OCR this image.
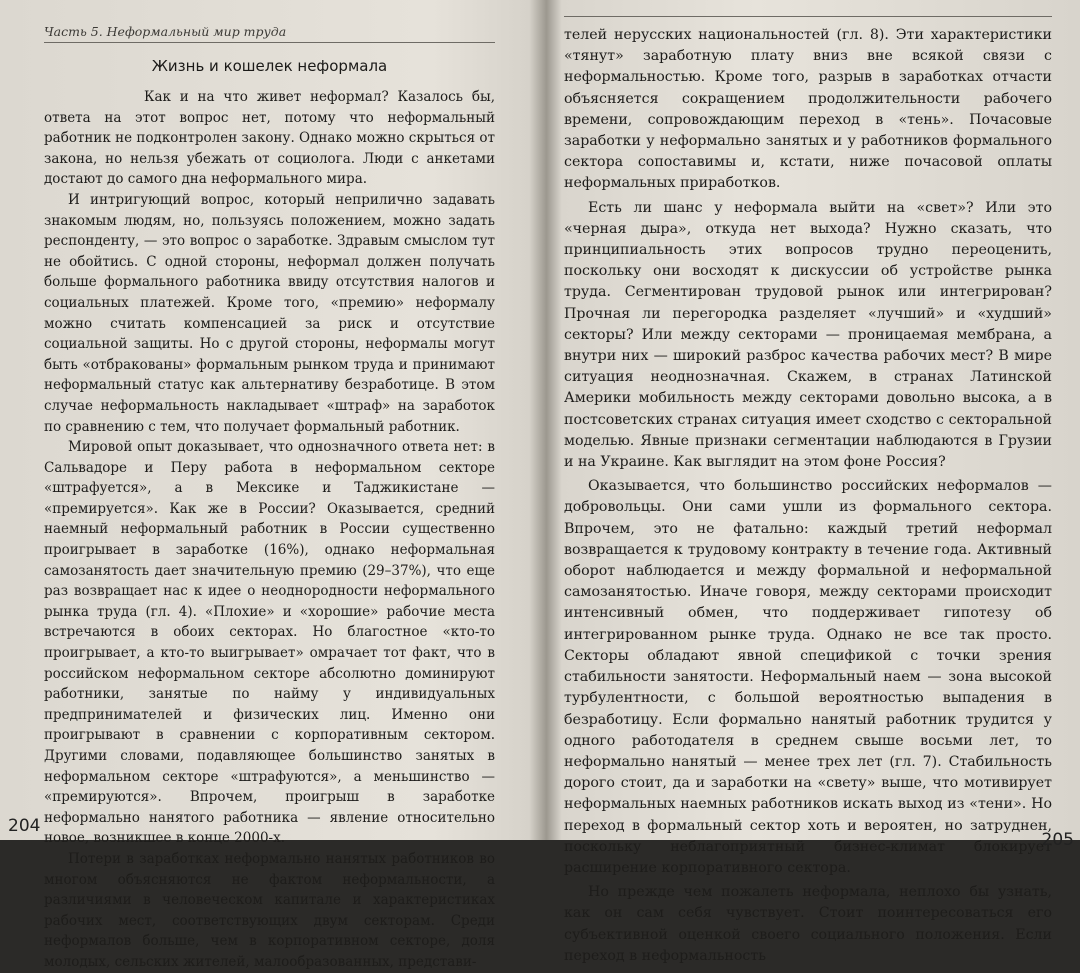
Часть 5. Неформальный мир труда
Жизнь и кошелек неформала

Как и на что живет неформал? Казалось бы, ответа на этот вопрос нет, потому что неформальный работник не подконтролен закону. Однако можно скрыться от закона, но нельзя убежать от социолога. Люди с анкетами достают до самого дна неформального мира.

И интригующий вопрос, который неприлично задавать знакомым людям, но, пользуясь положением, можно задать респонденту, — это вопрос о заработке. Здравым смыслом тут не обойтись. С одной стороны, неформал должен получать больше формального работника ввиду отсутствия налогов и социальных платежей. Кроме того, «премию» неформалу можно считать компенсацией за риск и отсутствие социальной защиты. Но с другой стороны, неформалы могут быть «отбракованы» формальным рынком труда и принимают неформальный статус как альтернативу безработице. В этом случае неформальность накладывает «штраф» на заработок по сравнению с тем, что получает формальный работник.

Мировой опыт доказывает, что однозначного ответа нет: в Сальвадоре и Перу работа в неформальном секторе «штрафуется», а в Мексике и Таджикистане — «премируется». Как же в России? Оказывается, средний наемный неформальный работник в России существенно проигрывает в заработке (16%), однако неформальная самозанятость дает значительную премию (29–37%), что еще раз возвращает нас к идее о неоднородности неформального рынка труда (гл. 4). «Плохие» и «хорошие» рабочие места встречаются в обоих секторах. Но благостное «кто-то проигрывает, а кто-то выигрывает» омрачает тот факт, что в российском неформальном секторе абсолютно доминируют работники, занятые по найму у индивидуальных предпринимателей и физических лиц. Именно они проигрывают в сравнении с корпоративным сектором. Другими словами, подавляющее большинство занятых в неформальном секторе «штрафуются», а меньшинство — «премируются». Впрочем, проигрыш в заработке неформально нанятого работника — явление относительно новое, возникшее в конце 2000-х.

Потери в заработках неформально нанятых работников во многом объясняются не фактом неформальности, а различиями в человеческом капитале и характеристиках рабочих мест, соответствующих двум секторам. Среди неформалов больше, чем в корпоративном секторе, доля молодых, сельских жителей, малообразованных, представи-

204

телей нерусских национальностей (гл. 8). Эти характеристики «тянут» заработную плату вниз вне всякой связи с неформальностью. Кроме того, разрыв в заработках отчасти объясняется сокращением продолжительности рабочего времени, сопровождающим переход в «тень». Почасовые заработки у неформально занятых и у работников формального сектора сопоставимы и, кстати, ниже почасовой оплаты неформальных приработков.

Есть ли шанс у неформала выйти на «свет»? Или это «черная дыра», откуда нет выхода? Нужно сказать, что принципиальность этих вопросов трудно переоценить, поскольку они восходят к дискуссии об устройстве рынка труда. Сегментирован трудовой рынок или интегрирован? Прочная ли перегородка разделяет «лучший» и «худший» секторы? Или между секторами — проницаемая мембрана, а внутри них — широкий разброс качества рабочих мест? В мире ситуация неоднозначная. Скажем, в странах Латинской Америки мобильность между секторами довольно высока, а в постсоветских странах ситуация имеет сходство с секторальной моделью. Явные признаки сегментации наблюдаются в Грузии и на Украине. Как выглядит на этом фоне Россия?

Оказывается, что большинство российских неформалов — добровольцы. Они сами ушли из формального сектора. Впрочем, это не фатально: каждый третий неформал возвращается к трудовому контракту в течение года. Активный оборот наблюдается и между формальной и неформальной самозанятостью. Иначе говоря, между секторами происходит интенсивный обмен, что поддерживает гипотезу об интегрированном рынке труда. Однако не все так просто. Секторы обладают явной спецификой с точки зрения стабильности занятости. Неформальный наем — зона высокой турбулентности, с большой вероятностью выпадения в безработицу. Если формально нанятый работник трудится у одного работодателя в среднем свыше восьми лет, то неформально нанятый — менее трех лет (гл. 7). Стабильность дорого стоит, да и заработки на «свету» выше, что мотивирует неформальных наемных работников искать выход из «тени». Но переход в формальный сектор хоть и вероятен, но затруднен, поскольку неблагоприятный бизнес-климат блокирует расширение корпоративного сектора.

Но прежде чем пожалеть неформала, неплохо бы узнать, как он сам себя чувствует. Стоит поинтересоваться его субъективной оценкой своего социального положения. Если переход в неформальность

205
